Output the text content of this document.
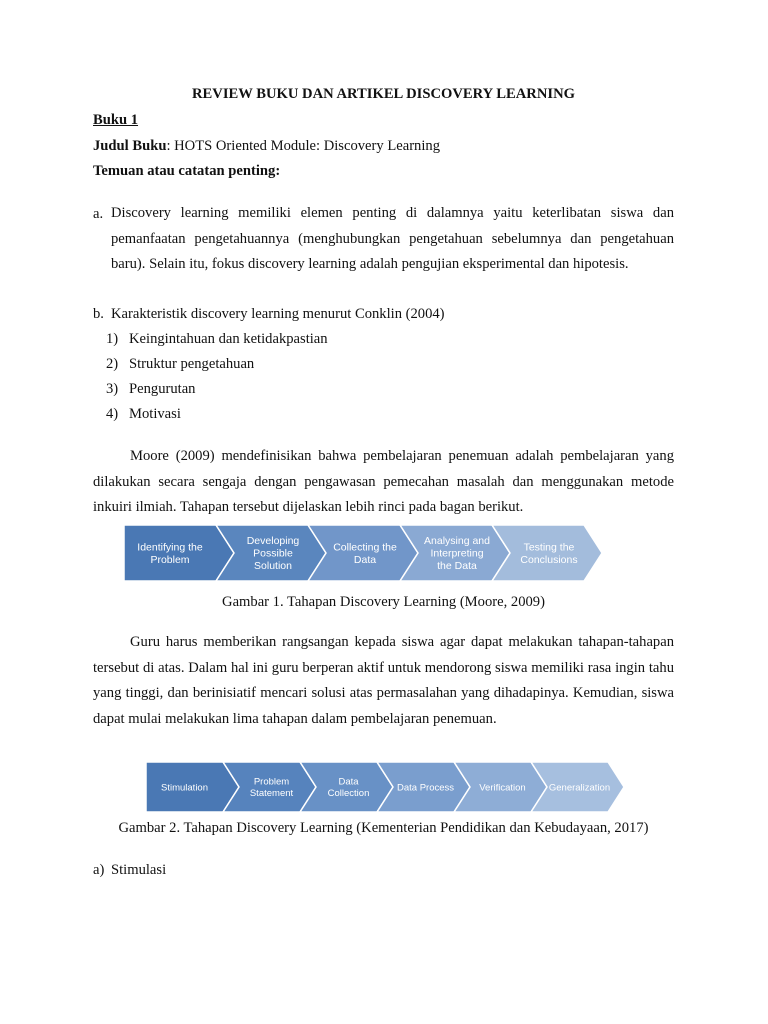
REVIEW BUKU DAN ARTIKEL DISCOVERY LEARNING
Buku 1
Judul Buku: HOTS Oriented Module: Discovery Learning
Temuan atau catatan penting:
a. Discovery learning memiliki elemen penting di dalamnya yaitu keterlibatan siswa dan pemanfaatan pengetahuannya (menghubungkan pengetahuan sebelumnya dan pengetahuan baru). Selain itu, fokus discovery learning adalah pengujian eksperimental dan hipotesis.
b. Karakteristik discovery learning menurut Conklin (2004)
1) Keingintahuan dan ketidakpastian
2) Struktur pengetahuan
3) Pengurutan
4) Motivasi
Moore (2009) mendefinisikan bahwa pembelajaran penemuan adalah pembelajaran yang dilakukan secara sengaja dengan pengawasan pemecahan masalah dan menggunakan metode inkuiri ilmiah. Tahapan tersebut dijelaskan lebih rinci pada bagan berikut.
Identifying the
Problem
Developing
Possible
Solution
Collecting the
Data
Analysing and
Interpreting
the Data
Testing the
Conclusions
Gambar 1. Tahapan Discovery Learning (Moore, 2009)
Guru harus memberikan rangsangan kepada siswa agar dapat melakukan tahapan-tahapan tersebut di atas. Dalam hal ini guru berperan aktif untuk mendorong siswa memiliki rasa ingin tahu yang tinggi, dan berinisiatif mencari solusi atas permasalahan yang dihadapinya. Kemudian, siswa dapat mulai melakukan lima tahapan dalam pembelajaran penemuan.
Stimulation
Problem
Statement
Data
Collection
Data Process	Verification Generalization
Gambar 2. Tahapan Discovery Learning (Kementerian Pendidikan dan Kebudayaan, 2017)
a) Stimulasi
